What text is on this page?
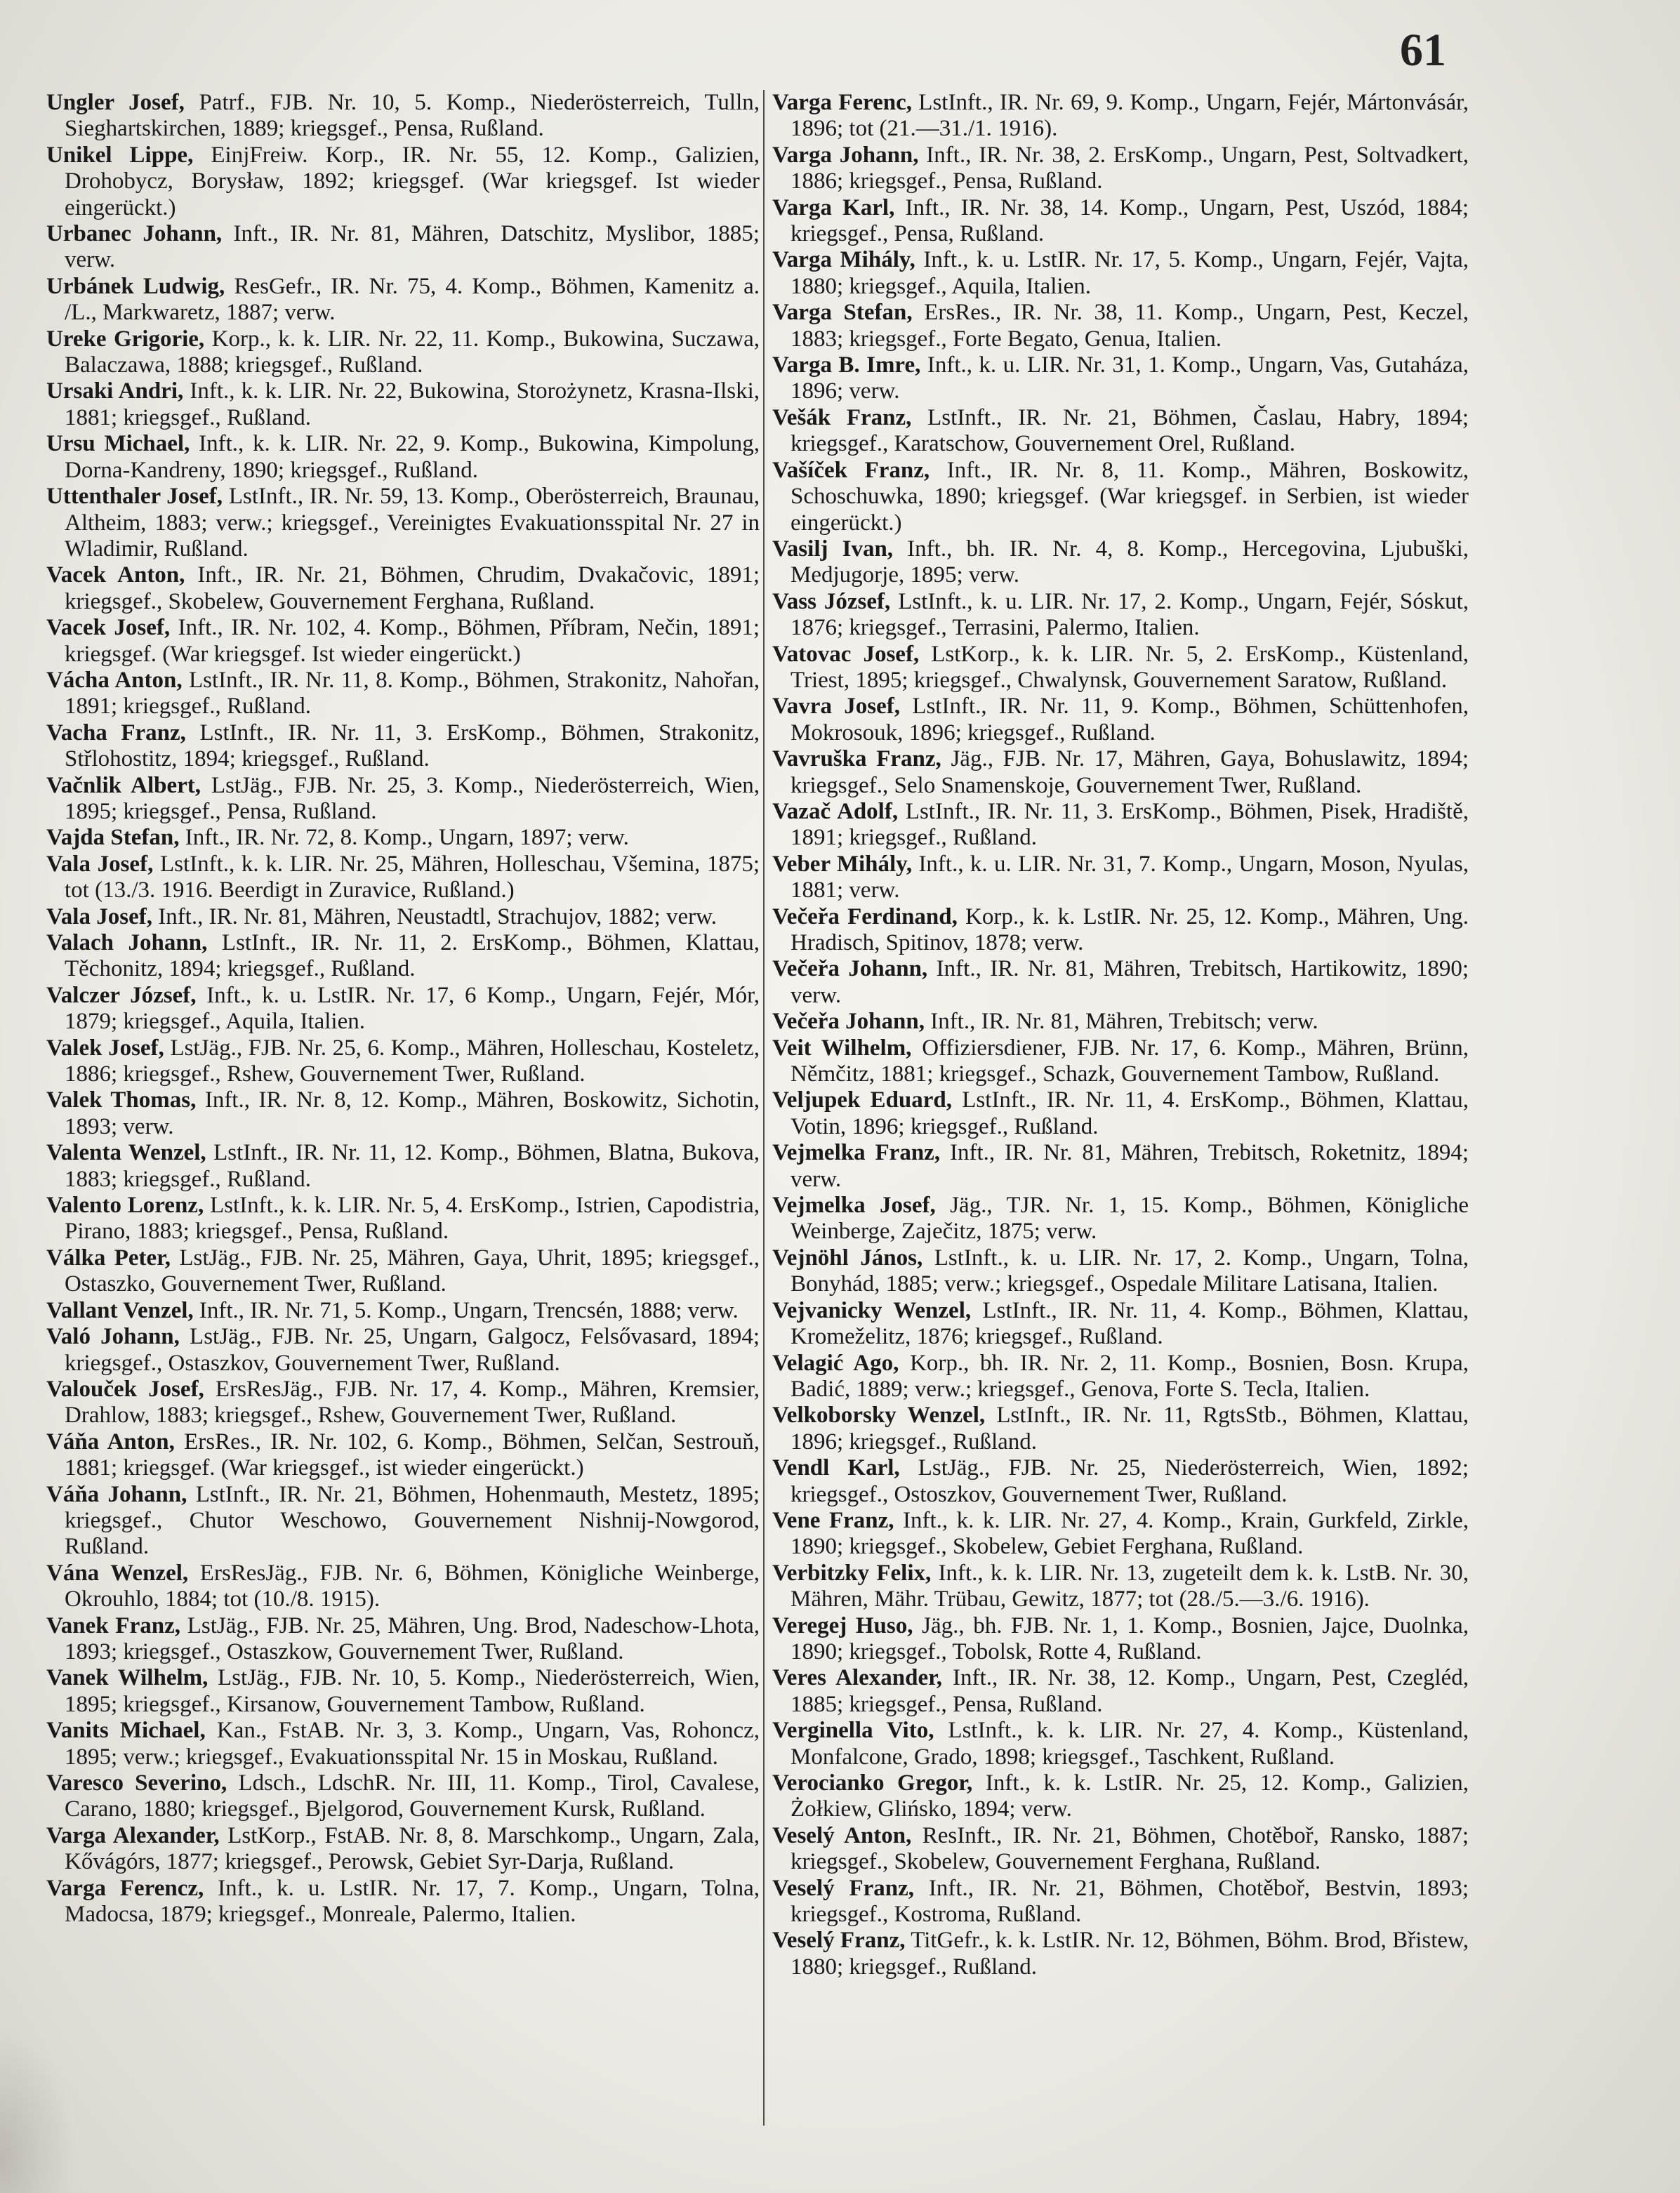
61

Ungler Josef, Patrf., FJB. Nr. 10, 5. Komp., Niederösterreich, Tulln, Sieghartskirchen, 1889; kriegsgef., Pensa, Rußland.

Unikel Lippe, EinjFreiw. Korp., IR. Nr. 55, 12. Komp., Galizien, Drohobycz, Borysław, 1892; kriegsgef. (War kriegsgef. Ist wieder eingerückt.)

Urbanec Johann, Inft., IR. Nr. 81, Mähren, Datschitz, Myslibor, 1885; verw.

Urbánek Ludwig, ResGefr., IR. Nr. 75, 4. Komp., Böhmen, Kamenitz a. /L., Markwaretz, 1887; verw.

Ureke Grigorie, Korp., k. k. LIR. Nr. 22, 11. Komp., Bukowina, Suczawa, Balaczawa, 1888; kriegsgef., Rußland.

Ursaki Andri, Inft., k. k. LIR. Nr. 22, Bukowina, Storożynetz, Krasna-Ilski, 1881; kriegsgef., Rußland.

Ursu Michael, Inft., k. k. LIR. Nr. 22, 9. Komp., Bukowina, Kimpolung, Dorna-Kandreny, 1890; kriegsgef., Rußland.

Uttenthaler Josef, LstInft., IR. Nr. 59, 13. Komp., Oberösterreich, Braunau, Altheim, 1883; verw.; kriegsgef., Vereinigtes Evakuationsspital Nr. 27 in Wladimir, Rußland.

Vacek Anton, Inft., IR. Nr. 21, Böhmen, Chrudim, Dvakačovic, 1891; kriegsgef., Skobelew, Gouvernement Ferghana, Rußland.

Vacek Josef, Inft., IR. Nr. 102, 4. Komp., Böhmen, Příbram, Nečin, 1891; kriegsgef. (War kriegsgef. Ist wieder eingerückt.)

Vácha Anton, LstInft., IR. Nr. 11, 8. Komp., Böhmen, Strakonitz, Nahořan, 1891; kriegsgef., Rußland.

Vacha Franz, LstInft., IR. Nr. 11, 3. ErsKomp., Böhmen, Strakonitz, Střlohostitz, 1894; kriegsgef., Rußland.

Vačnlik Albert, LstJäg., FJB. Nr. 25, 3. Komp., Niederösterreich, Wien, 1895; kriegsgef., Pensa, Rußland.

Vajda Stefan, Inft., IR. Nr. 72, 8. Komp., Ungarn, 1897; verw.

Vala Josef, LstInft., k. k. LIR. Nr. 25, Mähren, Holleschau, Všemina, 1875; tot (13./3. 1916. Beerdigt in Zuravice, Rußland.)

Vala Josef, Inft., IR. Nr. 81, Mähren, Neustadtl, Strachujov, 1882; verw.

Valach Johann, LstInft., IR. Nr. 11, 2. ErsKomp., Böhmen, Klattau, Těchonitz, 1894; kriegsgef., Rußland.

Valczer József, Inft., k. u. LstIR. Nr. 17, 6 Komp., Ungarn, Fejér, Mór, 1879; kriegsgef., Aquila, Italien.

Valek Josef, LstJäg., FJB. Nr. 25, 6. Komp., Mähren, Holleschau, Kosteletz, 1886; kriegsgef., Rshew, Gouvernement Twer, Rußland.

Valek Thomas, Inft., IR. Nr. 8, 12. Komp., Mähren, Boskowitz, Sichotin, 1893; verw.

Valenta Wenzel, LstInft., IR. Nr. 11, 12. Komp., Böhmen, Blatna, Bukova, 1883; kriegsgef., Rußland.

Valento Lorenz, LstInft., k. k. LIR. Nr. 5, 4. ErsKomp., Istrien, Capodistria, Pirano, 1883; kriegsgef., Pensa, Rußland.

Válka Peter, LstJäg., FJB. Nr. 25, Mähren, Gaya, Uhrit, 1895; kriegsgef., Ostaszko, Gouvernement Twer, Rußland.

Vallant Venzel, Inft., IR. Nr. 71, 5. Komp., Ungarn, Trencsén, 1888; verw.

Való Johann, LstJäg., FJB. Nr. 25, Ungarn, Galgocz, Felsővasard, 1894; kriegsgef., Ostaszkov, Gouvernement Twer, Rußland.

Valouček Josef, ErsResJäg., FJB. Nr. 17, 4. Komp., Mähren, Kremsier, Drahlow, 1883; kriegsgef., Rshew, Gouvernement Twer, Rußland.

Váňa Anton, ErsRes., IR. Nr. 102, 6. Komp., Böhmen, Selčan, Sestrouň, 1881; kriegsgef. (War kriegsgef., ist wieder eingerückt.)

Váňa Johann, LstInft., IR. Nr. 21, Böhmen, Hohenmauth, Mestetz, 1895; kriegsgef., Chutor Weschowo, Gouvernement Nishnij-Nowgorod, Rußland.

Vána Wenzel, ErsResJäg., FJB. Nr. 6, Böhmen, Königliche Weinberge, Okrouhlo, 1884; tot (10./8. 1915).

Vanek Franz, LstJäg., FJB. Nr. 25, Mähren, Ung. Brod, Nadeschow-Lhota, 1893; kriegsgef., Ostaszkow, Gouvernement Twer, Rußland.

Vanek Wilhelm, LstJäg., FJB. Nr. 10, 5. Komp., Niederösterreich, Wien, 1895; kriegsgef., Kirsanow, Gouvernement Tambow, Rußland.

Vanits Michael, Kan., FstAB. Nr. 3, 3. Komp., Ungarn, Vas, Rohoncz, 1895; verw.; kriegsgef., Evakuationsspital Nr. 15 in Moskau, Rußland.

Varesco Severino, Ldsch., LdschR. Nr. III, 11. Komp., Tirol, Cavalese, Carano, 1880; kriegsgef., Bjelgorod, Gouvernement Kursk, Rußland.

Varga Alexander, LstKorp., FstAB. Nr. 8, 8. Marschkomp., Ungarn, Zala, Kővágórs, 1877; kriegsgef., Perowsk, Gebiet Syr-Darja, Rußland.

Varga Ferencz, Inft., k. u. LstIR. Nr. 17, 7. Komp., Ungarn, Tolna, Madocsa, 1879; kriegsgef., Monreale, Palermo, Italien.

Varga Ferenc, LstInft., IR. Nr. 69, 9. Komp., Ungarn, Fejér, Mártonvásár, 1896; tot (21.—31./1. 1916).

Varga Johann, Inft., IR. Nr. 38, 2. ErsKomp., Ungarn, Pest, Soltvadkert, 1886; kriegsgef., Pensa, Rußland.

Varga Karl, Inft., IR. Nr. 38, 14. Komp., Ungarn, Pest, Uszód, 1884; kriegsgef., Pensa, Rußland.

Varga Mihály, Inft., k. u. LstIR. Nr. 17, 5. Komp., Ungarn, Fejér, Vajta, 1880; kriegsgef., Aquila, Italien.

Varga Stefan, ErsRes., IR. Nr. 38, 11. Komp., Ungarn, Pest, Keczel, 1883; kriegsgef., Forte Begato, Genua, Italien.

Varga B. Imre, Inft., k. u. LIR. Nr. 31, 1. Komp., Ungarn, Vas, Gutaháza, 1896; verw.

Vešák Franz, LstInft., IR. Nr. 21, Böhmen, Časlau, Habry, 1894; kriegsgef., Karatschow, Gouvernement Orel, Rußland.

Vašíček Franz, Inft., IR. Nr. 8, 11. Komp., Mähren, Boskowitz, Schoschuwka, 1890; kriegsgef. (War kriegsgef. in Serbien, ist wieder eingerückt.)

Vasilj Ivan, Inft., bh. IR. Nr. 4, 8. Komp., Hercegovina, Ljubuški, Medjugorje, 1895; verw.

Vass József, LstInft., k. u. LIR. Nr. 17, 2. Komp., Ungarn, Fejér, Sóskut, 1876; kriegsgef., Terrasini, Palermo, Italien.

Vatovac Josef, LstKorp., k. k. LIR. Nr. 5, 2. ErsKomp., Küstenland, Triest, 1895; kriegsgef., Chwalynsk, Gouvernement Saratow, Rußland.

Vavra Josef, LstInft., IR. Nr. 11, 9. Komp., Böhmen, Schüttenhofen, Mokrosouk, 1896; kriegsgef., Rußland.

Vavruška Franz, Jäg., FJB. Nr. 17, Mähren, Gaya, Bohuslawitz, 1894; kriegsgef., Selo Snamenskoje, Gouvernement Twer, Rußland.

Vazač Adolf, LstInft., IR. Nr. 11, 3. ErsKomp., Böhmen, Pisek, Hradiště, 1891; kriegsgef., Rußland.

Veber Mihály, Inft., k. u. LIR. Nr. 31, 7. Komp., Ungarn, Moson, Nyulas, 1881; verw.

Večeřa Ferdinand, Korp., k. k. LstIR. Nr. 25, 12. Komp., Mähren, Ung. Hradisch, Spitinov, 1878; verw.

Večeřa Johann, Inft., IR. Nr. 81, Mähren, Trebitsch, Hartikowitz, 1890; verw.

Večeřa Johann, Inft., IR. Nr. 81, Mähren, Trebitsch; verw.

Veit Wilhelm, Offiziersdiener, FJB. Nr. 17, 6. Komp., Mähren, Brünn, Němčitz, 1881; kriegsgef., Schazk, Gouvernement Tambow, Rußland.

Veljupek Eduard, LstInft., IR. Nr. 11, 4. ErsKomp., Böhmen, Klattau, Votin, 1896; kriegsgef., Rußland.

Vejmelka Franz, Inft., IR. Nr. 81, Mähren, Trebitsch, Roketnitz, 1894; verw.

Vejmelka Josef, Jäg., TJR. Nr. 1, 15. Komp., Böhmen, Königliche Weinberge, Zaječitz, 1875; verw.

Vejnöhl János, LstInft., k. u. LIR. Nr. 17, 2. Komp., Ungarn, Tolna, Bonyhád, 1885; verw.; kriegsgef., Ospedale Militare Latisana, Italien.

Vejvanicky Wenzel, LstInft., IR. Nr. 11, 4. Komp., Böhmen, Klattau, Kromeželitz, 1876; kriegsgef., Rußland.

Velagić Ago, Korp., bh. IR. Nr. 2, 11. Komp., Bosnien, Bosn. Krupa, Badić, 1889; verw.; kriegsgef., Genova, Forte S. Tecla, Italien.

Velkoborsky Wenzel, LstInft., IR. Nr. 11, RgtsStb., Böhmen, Klattau, 1896; kriegsgef., Rußland.

Vendl Karl, LstJäg., FJB. Nr. 25, Niederösterreich, Wien, 1892; kriegsgef., Ostoszkov, Gouvernement Twer, Rußland.

Vene Franz, Inft., k. k. LIR. Nr. 27, 4. Komp., Krain, Gurkfeld, Zirkle, 1890; kriegsgef., Skobelew, Gebiet Ferghana, Rußland.

Verbitzky Felix, Inft., k. k. LIR. Nr. 13, zugeteilt dem k. k. LstB. Nr. 30, Mähren, Mähr. Trübau, Gewitz, 1877; tot (28./5.—3./6. 1916).

Veregej Huso, Jäg., bh. FJB. Nr. 1, 1. Komp., Bosnien, Jajce, Duolnka, 1890; kriegsgef., Tobolsk, Rotte 4, Rußland.

Veres Alexander, Inft., IR. Nr. 38, 12. Komp., Ungarn, Pest, Czegléd, 1885; kriegsgef., Pensa, Rußland.

Verginella Vito, LstInft., k. k. LIR. Nr. 27, 4. Komp., Küstenland, Monfalcone, Grado, 1898; kriegsgef., Taschkent, Rußland.

Verocianko Gregor, Inft., k. k. LstIR. Nr. 25, 12. Komp., Galizien, Żołkiew, Glińsko, 1894; verw.

Veselý Anton, ResInft., IR. Nr. 21, Böhmen, Chotěboř, Ransko, 1887; kriegsgef., Skobelew, Gouvernement Ferghana, Rußland.

Veselý Franz, Inft., IR. Nr. 21, Böhmen, Chotěboř, Bestvin, 1893; kriegsgef., Kostroma, Rußland.

Veselý Franz, TitGefr., k. k. LstIR. Nr. 12, Böhmen, Böhm. Brod, Břistew, 1880; kriegsgef., Rußland.
